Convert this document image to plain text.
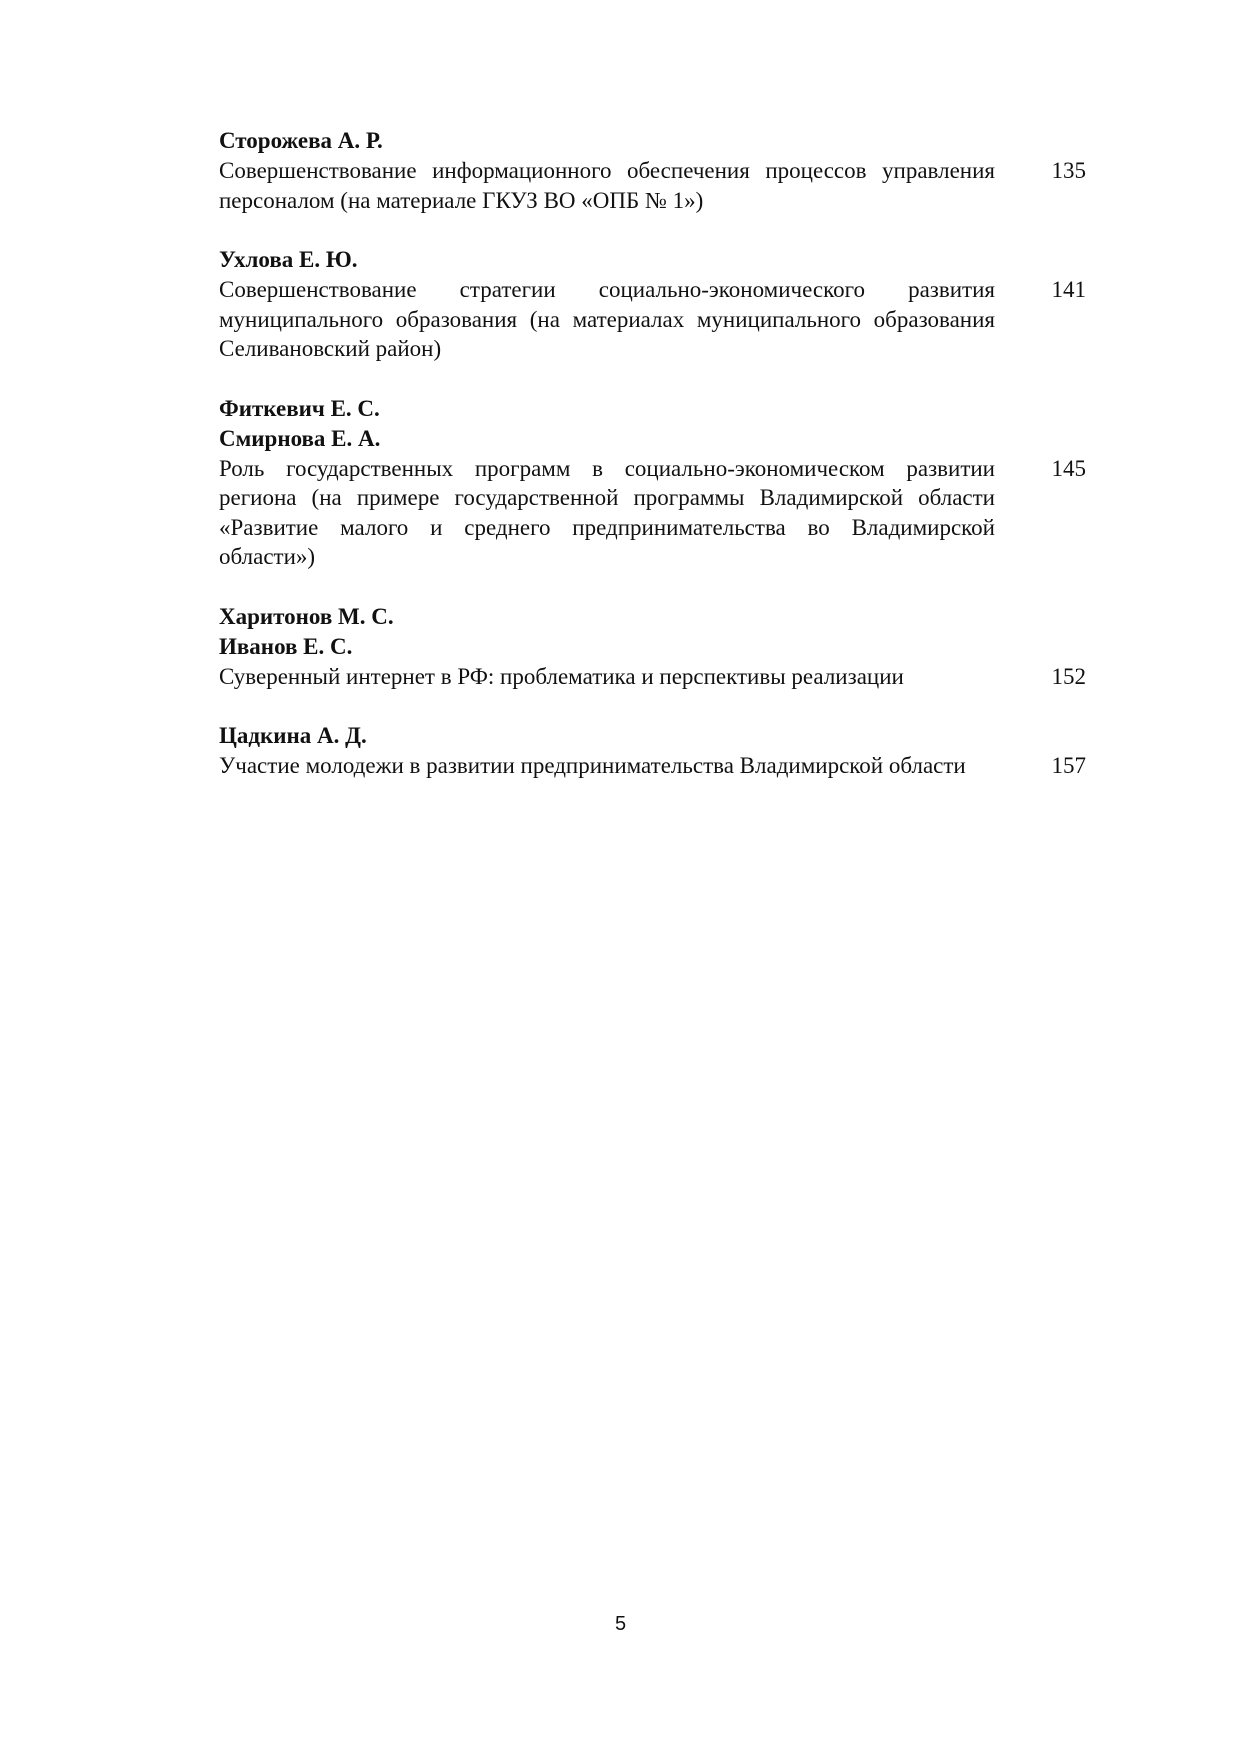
Сторожева А. Р.

Совершенствование информационного обеспечения процессов управления персоналом (на материале ГКУЗ ВО «ОПБ № 1»)

135

Ухлова Е. Ю.

Совершенствование стратегии социально-экономического развития муниципального образования (на материалах муниципального образования Селивановский район)

141

Фиткевич Е. С.

Смирнова Е. А.

Роль государственных программ в социально-экономическом развитии региона (на примере государственной программы Владимирской области «Развитие малого и среднего предпринимательства во Владимирской области»)

145

Харитонов М. С.

Иванов Е. С.

Суверенный интернет в РФ: проблематика и перспективы реализации	152

Цадкина А. Д.

Участие молодежи в развитии предпринимательства Владимирской области	157
5
